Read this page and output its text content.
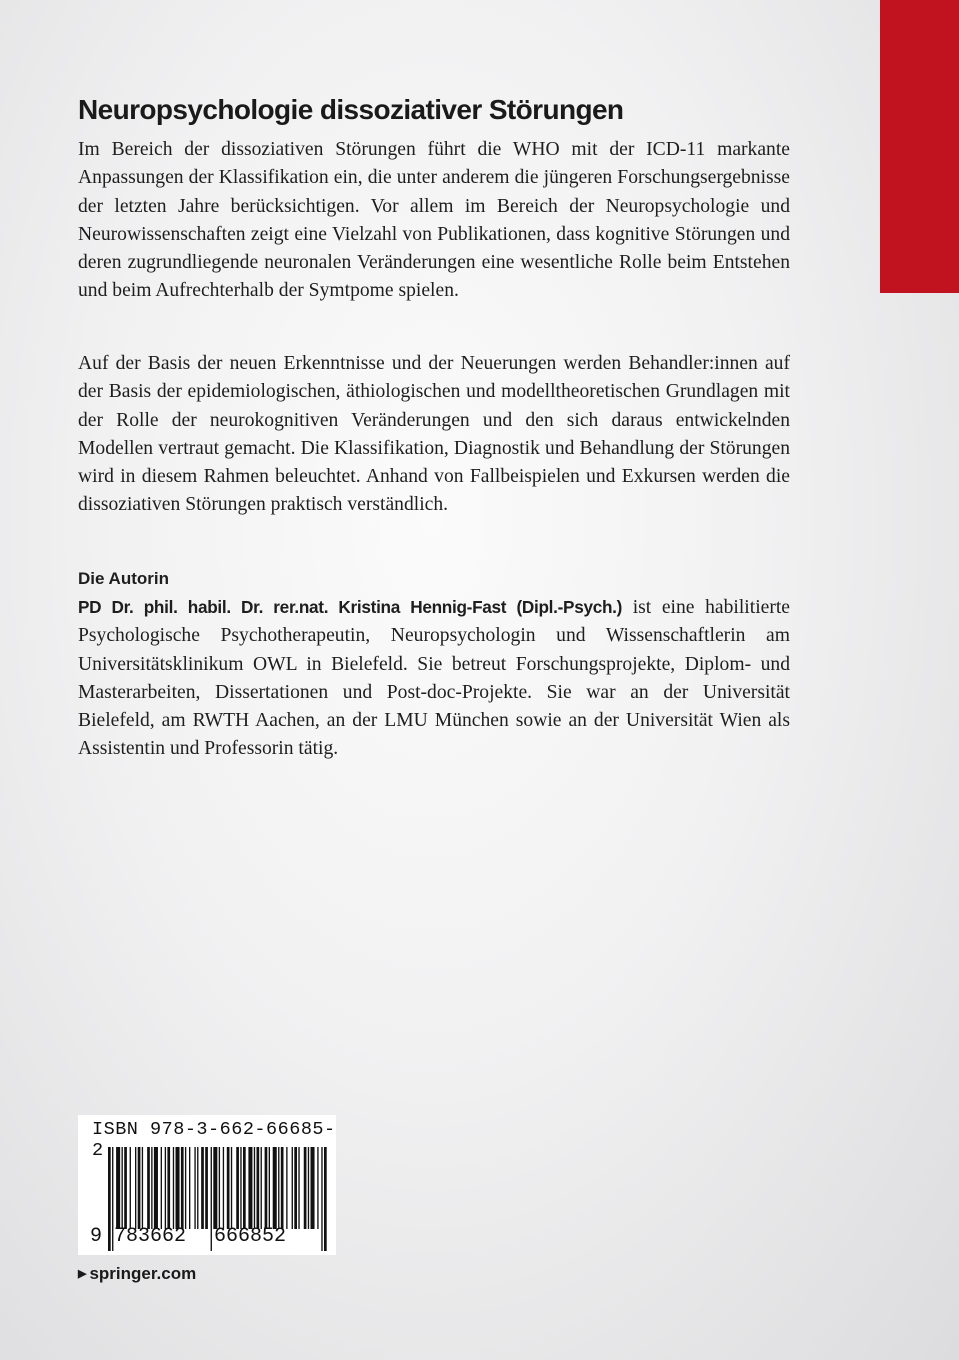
Neuropsychologie dissoziativer Störungen

Im Bereich der dissoziativen Störungen führt die WHO mit der ICD-11 markante Anpassungen der Klassifikation ein, die unter anderem die jüngeren Forschungsergebnisse der letzten Jahre berücksichtigen. Vor allem im Bereich der Neuropsychologie und Neurowissenschaften zeigt eine Vielzahl von Publikationen, dass kognitive Störungen und deren zugrundliegende neuronalen Veränderungen eine wesentliche Rolle beim Entstehen und beim Aufrechterhalb der Symtpome spielen.

Auf der Basis der neuen Erkenntnisse und der Neuerungen werden Behandler:innen auf der Basis der epidemiologischen, äthiologischen und modelltheoretischen Grundlagen mit der Rolle der neurokognitiven Veränderungen und den sich daraus entwickelnden Modellen vertraut gemacht. Die Klassifikation, Diagnostik und Behandlung der Störungen wird in diesem Rahmen beleuchtet. Anhand von Fallbeispielen und Exkursen werden die dissoziativen Störungen praktisch verständlich.

Die Autorin

PD Dr. phil. habil. Dr. rer.nat. Kristina Hennig-Fast (Dipl.-Psych.) ist eine habilitierte Psychologische Psychotherapeutin, Neuropsychologin und Wissenschaftlerin am Universitätsklinikum OWL in Bielefeld. Sie betreut Forschungsprojekte, Diplom- und Masterarbeiten, Dissertationen und Post-doc-Projekte. Sie war an der Universität Bielefeld, am RWTH Aachen, an der LMU München sowie an der Universität Wien als Assistentin und Professorin tätig.

ISBN 978-3-662-66685-2
9 783662 666852
▶ springer.com
